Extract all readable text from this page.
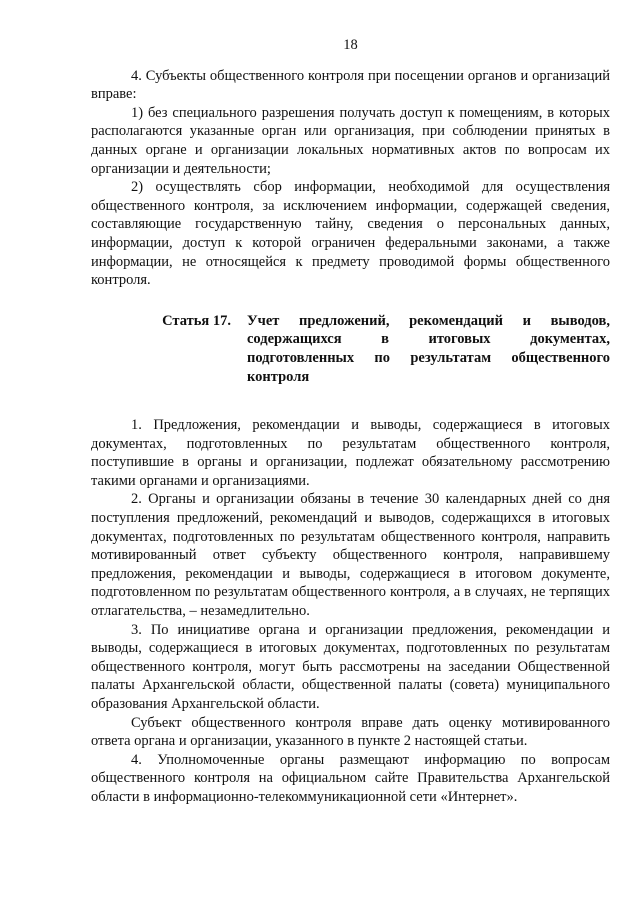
18

4. Субъекты общественного контроля при посещении органов и организаций вправе:

1) без специального разрешения получать доступ к помещениям, в которых располагаются указанные орган или организация, при соблюдении принятых в данных органе и организации локальных нормативных актов по вопросам их организации и деятельности;

2) осуществлять сбор информации, необходимой для осуществления общественного контроля, за исключением информации, содержащей сведения, составляющие государственную тайну, сведения о персональных данных, информации, доступ к которой ограничен федеральными законами, а также информации, не относящейся к предмету проводимой формы общественного контроля.

Статья 17.	Учет предложений, рекомендаций и выводов, содержащихся в итоговых документах, подготовленных по результатам общественного контроля

1. Предложения, рекомендации и выводы, содержащиеся в итоговых документах, подготовленных по результатам общественного контроля, поступившие в органы и организации, подлежат обязательному рассмотрению такими органами и организациями.

2. Органы и организации обязаны в течение 30 календарных дней со дня поступления предложений, рекомендаций и выводов, содержащихся в итоговых документах, подготовленных по результатам общественного контроля, направить мотивированный ответ субъекту общественного контроля, направившему предложения, рекомендации и выводы, содержащиеся в итоговом документе, подготовленном по результатам общественного контроля, а в случаях, не терпящих отлагательства, – незамедлительно.

3. По инициативе органа и организации предложения, рекомендации и выводы, содержащиеся в итоговых документах, подготовленных по результатам общественного контроля, могут быть рассмотрены на заседании Общественной палаты Архангельской области, общественной палаты (совета) муниципального образования Архангельской области.

Субъект общественного контроля вправе дать оценку мотивированного ответа органа и организации, указанного в пункте 2 настоящей статьи.

4. Уполномоченные органы размещают информацию по вопросам общественного контроля на официальном сайте Правительства Архангельской области в информационно-телекоммуникационной сети «Интернет».
